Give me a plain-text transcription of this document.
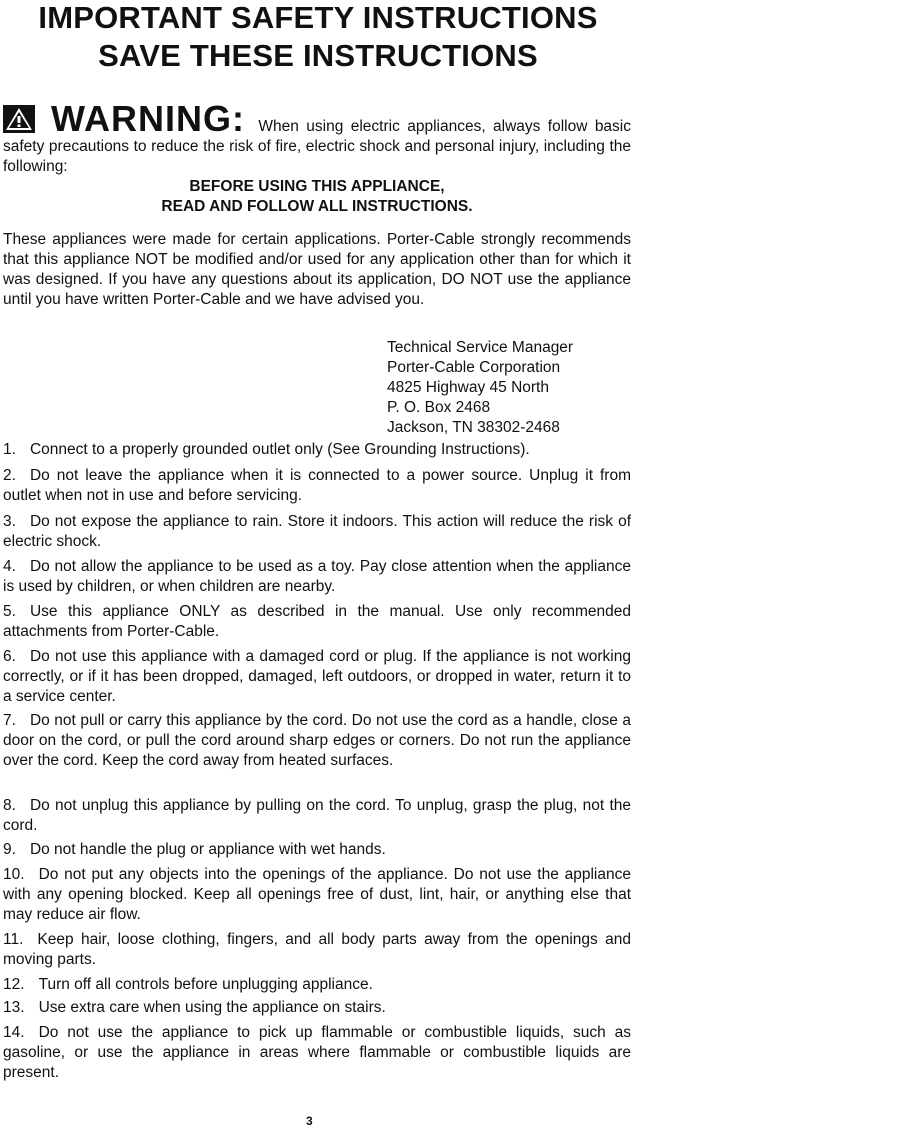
IMPORTANT SAFETY INSTRUCTIONS
SAVE THESE INSTRUCTIONS
WARNING: When using electric appliances, always follow basic safety precautions to reduce the risk of fire, electric shock and personal injury, including the following:
BEFORE USING THIS APPLIANCE,
READ AND FOLLOW ALL INSTRUCTIONS.
These appliances were made for certain applications. Porter-Cable strongly recommends that this appliance NOT be modified and/or used for any application other than for which it was designed. If you have any questions about its application, DO NOT use the appliance until you have written Porter-Cable and we have advised you.
Technical Service Manager
Porter-Cable Corporation
4825 Highway 45 North
P. O. Box 2468
Jackson, TN 38302-2468
1. Connect to a properly grounded outlet only (See Grounding Instructions).
2. Do not leave the appliance when it is connected to a power source. Unplug it from outlet when not in use and before servicing.
3. Do not expose the appliance to rain. Store it indoors. This action will reduce the risk of electric shock.
4. Do not allow the appliance to be used as a toy. Pay close attention when the appliance is used by children, or when children are nearby.
5. Use this appliance ONLY as described in the manual. Use only recommended attachments from Porter-Cable.
6. Do not use this appliance with a damaged cord or plug. If the appliance is not working correctly, or if it has been dropped, damaged, left outdoors, or dropped in water, return it to a service center.
7. Do not pull or carry this appliance by the cord. Do not use the cord as a handle, close a door on the cord, or pull the cord around sharp edges or corners. Do not run the appliance over the cord. Keep the cord away from heated surfaces.
8. Do not unplug this appliance by pulling on the cord. To unplug, grasp the plug, not the cord.
9. Do not handle the plug or appliance with wet hands.
10. Do not put any objects into the openings of the appliance. Do not use the appliance with any opening blocked. Keep all openings free of dust, lint, hair, or anything else that may reduce air flow.
11. Keep hair, loose clothing, fingers, and all body parts away from the openings and moving parts.
12. Turn off all controls before unplugging appliance.
13. Use extra care when using the appliance on stairs.
14. Do not use the appliance to pick up flammable or combustible liquids, such as gasoline, or use the appliance in areas where flammable or combustible liquids are present.
3
